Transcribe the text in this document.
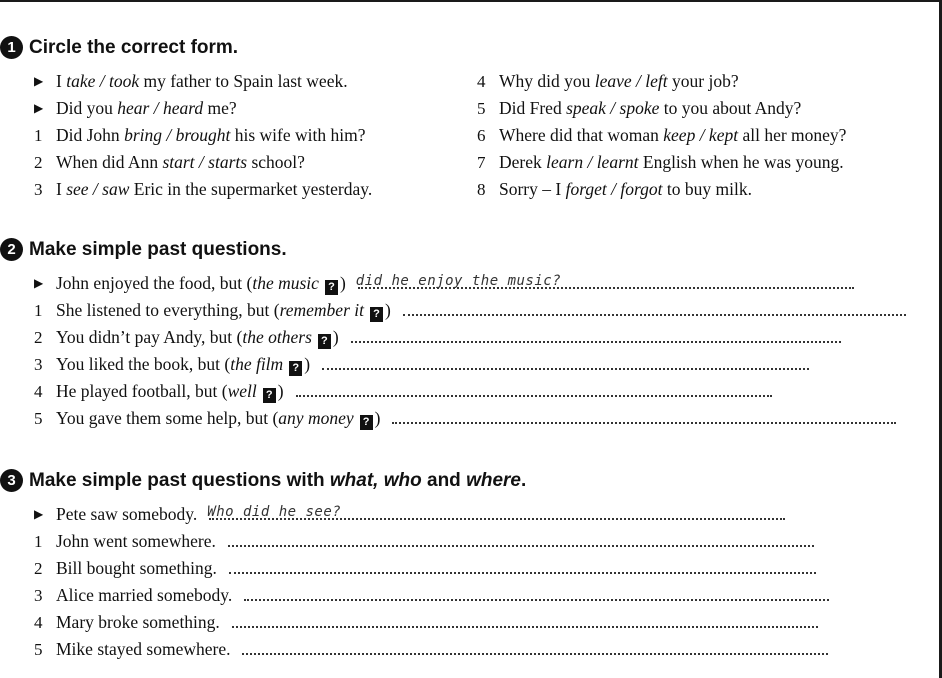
1 Circle the correct form.
▶ I take / took my father to Spain last week.
▶ Did you hear / heard me?
1 Did John bring / brought his wife with him?
2 When did Ann start / starts school?
3 I see / saw Eric in the supermarket yesterday.
4 Why did you leave / left your job?
5 Did Fred speak / spoke to you about Andy?
6 Where did that woman keep / kept all her money?
7 Derek learn / learnt English when he was young.
8 Sorry – I forget / forgot to buy milk.
2 Make simple past questions.
▶ John enjoyed the food, but ( the music ? ) did he enjoy the music?
1 She listened to everything, but ( remember it ? )
2 You didn’t pay Andy, but ( the others ? )
3 You liked the book, but ( the film ? )
4 He played football, but ( well ? )
5 You gave them some help, but ( any money ? )
3 Make simple past questions with what, who and where .
▶ Pete saw somebody. Who did he see?
1 John went somewhere.
2 Bill bought something.
3 Alice married somebody.
4 Mary broke something.
5 Mike stayed somewhere.
